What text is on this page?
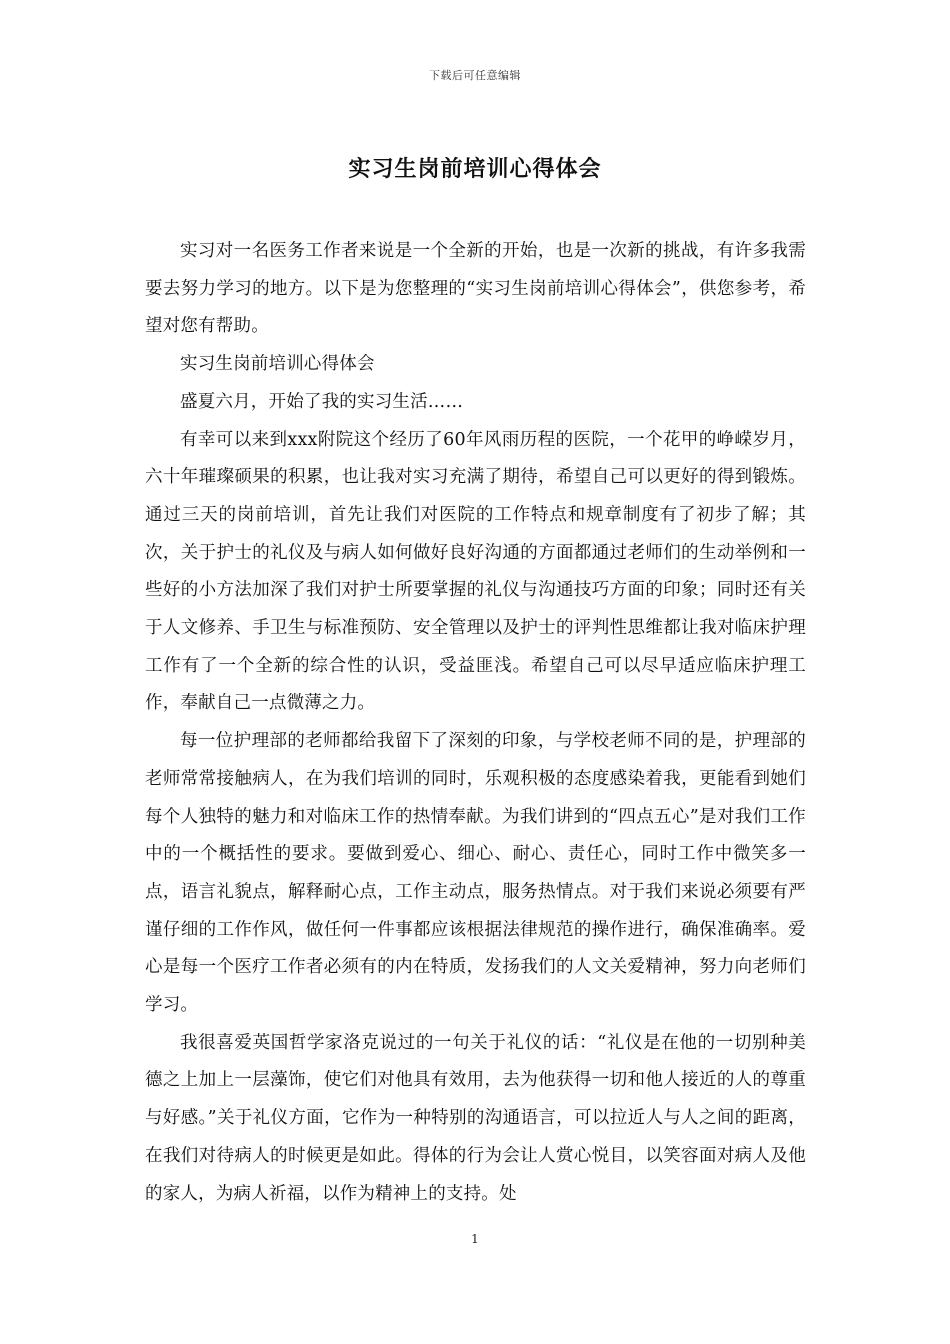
下载后可任意编辑
实习生岗前培训心得体会

实习对一名医务工作者来说是一个全新的开始，也是一次新的挑战，有许多我需要去努力学习的地方。以下是为您整理的“实习生岗前培训心得体会”，供您参考，希望对您有帮助。

实习生岗前培训心得体会

盛夏六月，开始了我的实习生活……

有幸可以来到xxx附院这个经历了60年风雨历程的医院，一个花甲的峥嵘岁月，六十年璀璨硕果的积累，也让我对实习充满了期待，希望自己可以更好的得到锻炼。通过三天的岗前培训，首先让我们对医院的工作特点和规章制度有了初步了解；其次，关于护士的礼仪及与病人如何做好良好沟通的方面都通过老师们的生动举例和一些好的小方法加深了我们对护士所要掌握的礼仪与沟通技巧方面的印象；同时还有关于人文修养、手卫生与标准预防、安全管理以及护士的评判性思维都让我对临床护理工作有了一个全新的综合性的认识，受益匪浅。希望自己可以尽早适应临床护理工作，奉献自己一点微薄之力。

每一位护理部的老师都给我留下了深刻的印象，与学校老师不同的是，护理部的老师常常接触病人，在为我们培训的同时，乐观积极的态度感染着我，更能看到她们每个人独特的魅力和对临床工作的热情奉献。为我们讲到的“四点五心”是对我们工作中的一个概括性的要求。要做到爱心、细心、耐心、责任心，同时工作中微笑多一点，语言礼貌点，解释耐心点，工作主动点，服务热情点。对于我们来说必须要有严谨仔细的工作作风，做任何一件事都应该根据法律规范的操作进行，确保准确率。爱心是每一个医疗工作者必须有的内在特质，发扬我们的人文关爱精神，努力向老师们学习。

我很喜爱英国哲学家洛克说过的一句关于礼仪的话：“礼仪是在他的一切别种美德之上加上一层藻饰，使它们对他具有效用，去为他获得一切和他人接近的人的尊重与好感。”关于礼仪方面，它作为一种特别的沟通语言，可以拉近人与人之间的距离，在我们对待病人的时候更是如此。得体的行为会让人赏心悦目，以笑容面对病人及他的家人，为病人祈福，以作为精神上的支持。处

1
